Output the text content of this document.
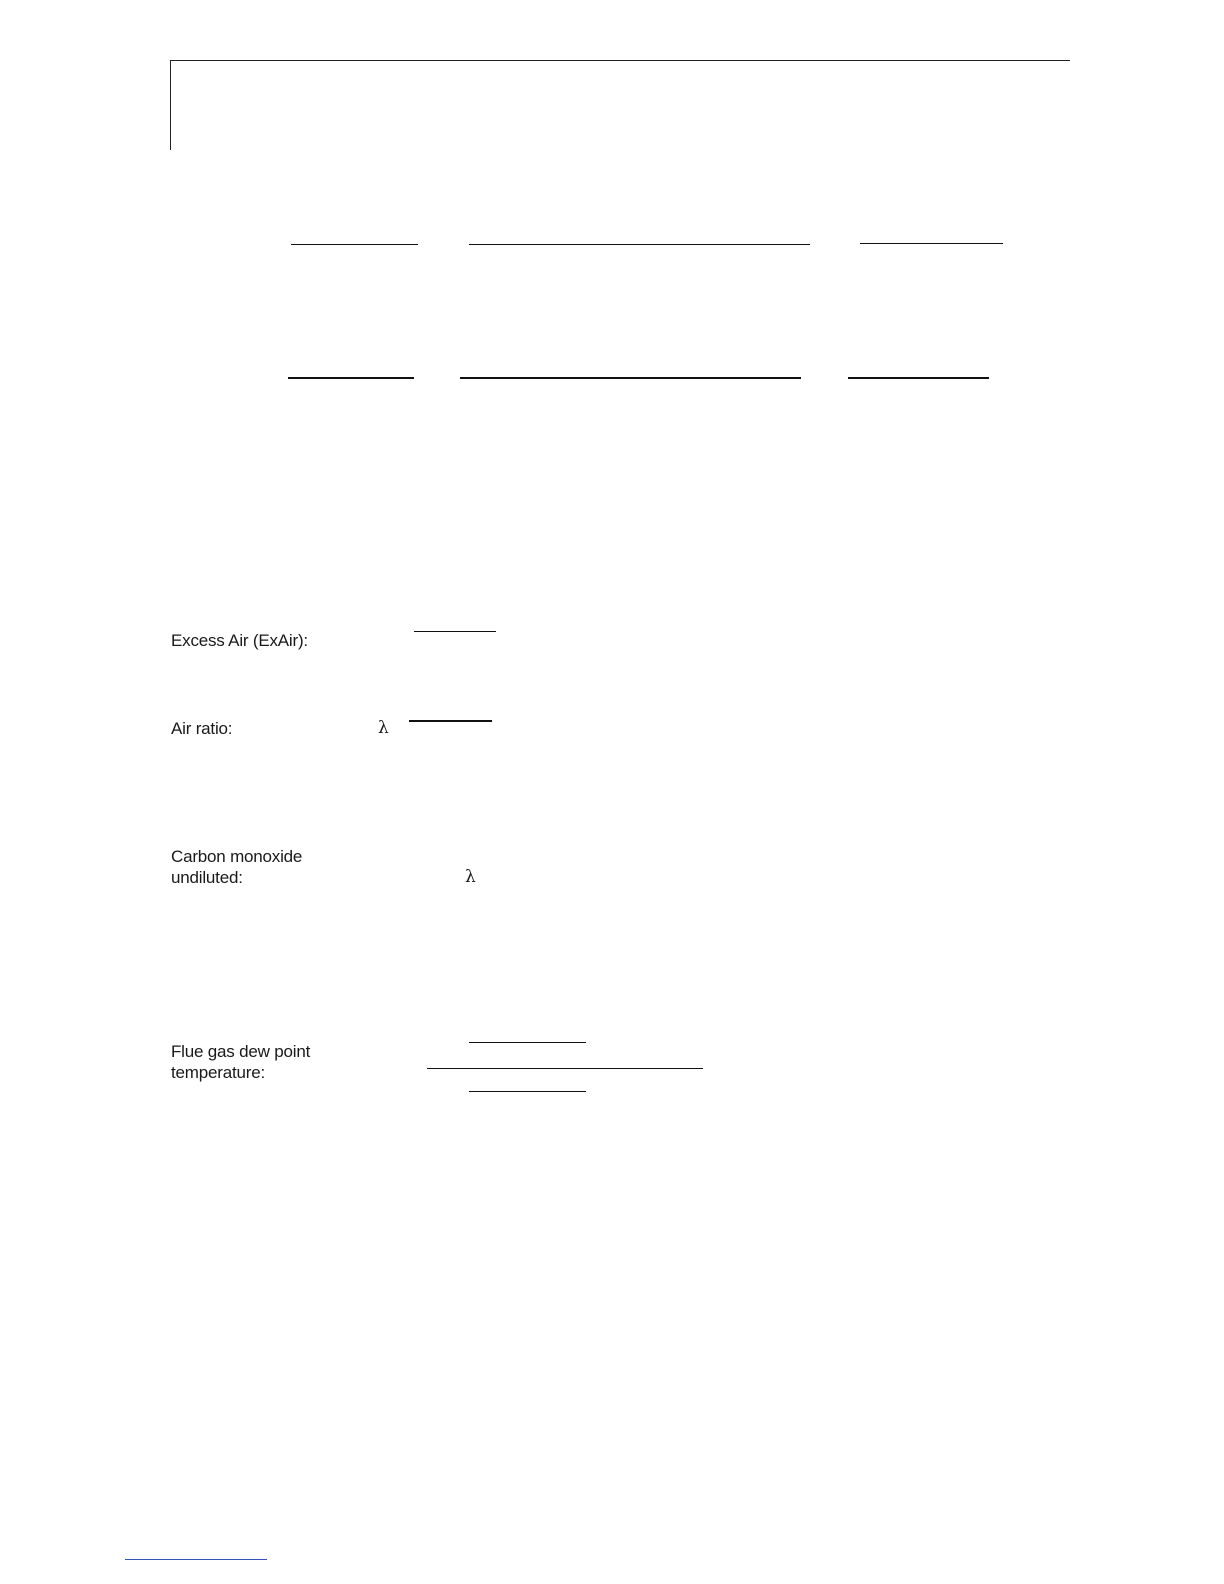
Excess Air (ExAir):
Air ratio:	λ
Carbon monoxide
undiluted:	λ
Flue gas dew point
temperature:
